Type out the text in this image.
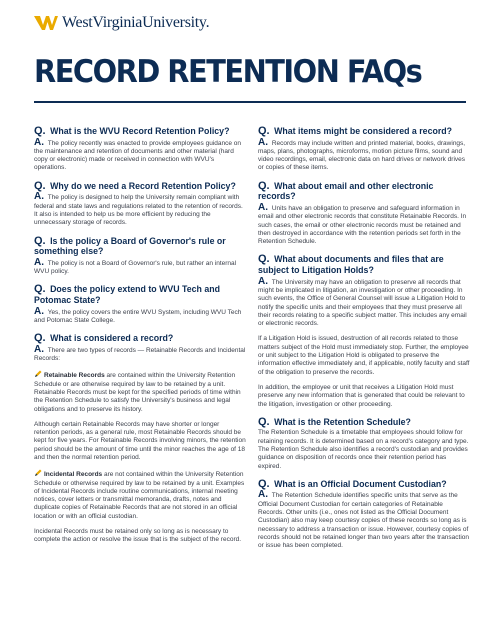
WestVirginiaUniversity.
RECORD RETENTION FAQs

Q. What is the WVU Record Retention Policy?

A. The policy recently was enacted to provide employees guidance on the maintenance and retention of documents and other material (hard copy or electronic) made or received in connection with WVU's operations.

Q. Why do we need a Record Retention Policy?

A. The policy is designed to help the University remain compliant with federal and state laws and regulations related to the retention of records. It also is intended to help us be more efficient by reducing the unnecessary storage of records.

Q. Is the policy a Board of Governor's rule or something else?

A. The policy is not a Board of Governor's rule, but rather an internal WVU policy.

Q. Does the policy extend to WVU Tech and Potomac State?

A. Yes, the policy covers the entire WVU System, including WVU Tech and Potomac State College.

Q. What is considered a record?

A. There are two types of records — Retainable Records and Incidental Records:

Retainable Records are contained within the University Retention Schedule or are otherwise required by law to be retained by a unit. Retainable Records must be kept for the specified periods of time within the Retention Schedule to satisfy the University's business and legal obligations and to preserve its history.

Although certain Retainable Records may have shorter or longer retention periods, as a general rule, most Retainable Records should be kept for five years. For Retainable Records involving minors, the retention period should be the amount of time until the minor reaches the age of 18 and then the normal retention period.

Incidental Records are not contained within the University Retention Schedule or otherwise required by law to be retained by a unit. Examples of Incidental Records include routine communications, internal meeting notices, cover letters or transmittal memoranda, drafts, notes and duplicate copies of Retainable Records that are not stored in an official location or with an official custodian.

Incidental Records must be retained only so long as is necessary to complete the action or resolve the issue that is the subject of the record.

Q. What items might be considered a record?

A. Records may include written and printed material, books, drawings, maps, plans, photographs, microforms, motion picture films, sound and video recordings, email, electronic data on hard drives or network drives or copies of these items.

Q. What about email and other electronic records?

A. Units have an obligation to preserve and safeguard information in email and other electronic records that constitute Retainable Records. In such cases, the email or other electronic records must be retained and then destroyed in accordance with the retention periods set forth in the Retention Schedule.

Q. What about documents and files that are subject to Litigation Holds?

A. The University may have an obligation to preserve all records that might be implicated in litigation, an investigation or other proceeding. In such events, the Office of General Counsel will issue a Litigation Hold to notify the specific units and their employees that they must preserve all their records relating to a specific subject matter. This includes any email or electronic records.

If a Litigation Hold is issued, destruction of all records related to those matters subject of the Hold must immediately stop. Further, the employee or unit subject to the Litigation Hold is obligated to preserve the information effective immediately and, if applicable, notify faculty and staff of the obligation to preserve the records.

In addition, the employee or unit that receives a Litigation Hold must preserve any new information that is generated that could be relevant to the litigation, investigation or other proceeding.

Q. What is the Retention Schedule?

The Retention Schedule is a timetable that employees should follow for retaining records. It is determined based on a record's category and type. The Retention Schedule also identifies a record's custodian and provides guidance on disposition of records once their retention period has expired.

Q. What is an Official Document Custodian?

A. The Retention Schedule identifies specific units that serve as the Official Document Custodian for certain categories of Retainable Records. Other units (i.e., ones not listed as the Official Document Custodian) also may keep courtesy copies of these records so long as is necessary to address a transaction or issue. However, courtesy copies of records should not be retained longer than two years after the transaction or issue has been completed.
